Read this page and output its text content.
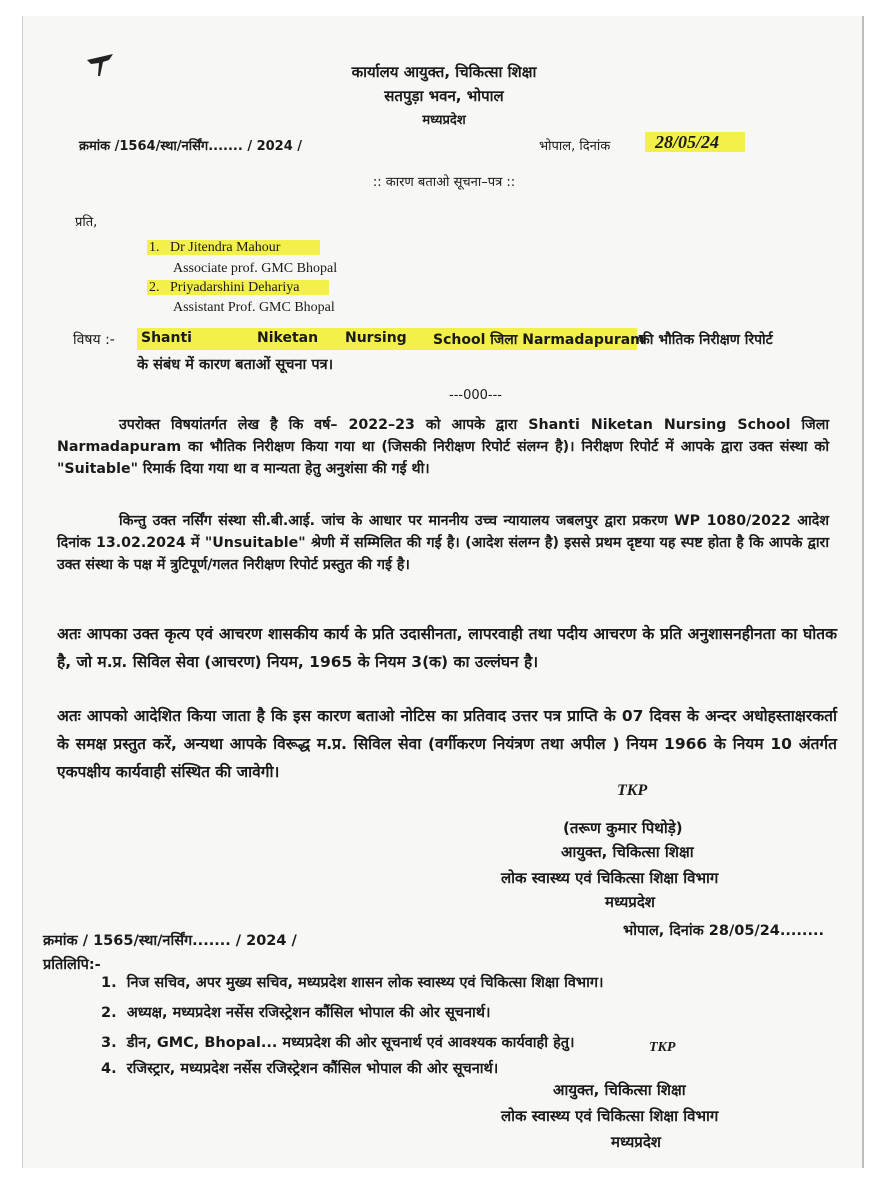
कार्यालय आयुक्त, चिकित्सा शिक्षा
सतपुड़ा भवन, भोपाल
मध्यप्रदेश
क्रमांक /1564/स्था/नर्सिंग....... / 2024 /	भोपाल, दिनांक	28/05/24
:: कारण बताओ सूचना–पत्र ::
प्रति,
1. Dr Jitendra Mahour
Associate prof. GMC Bhopal
2. Priyadarshini Dehariya
Assistant Prof. GMC Bhopal
विषय :- Shanti	Niketan Nursing School जिला Narmadapuram
की भौतिक निरीक्षण रिपोर्ट
के संबंध में कारण बताओं सूचना पत्र।
---000---

उपरोक्त विषयांतर्गत लेख है कि वर्ष– 2022–23 को आपके द्वारा Shanti Niketan Nursing School जिला Narmadapuram का भौतिक निरीक्षण किया गया था (जिसकी निरीक्षण रिपोर्ट संलग्न है)। निरीक्षण रिपोर्ट में आपके द्वारा उक्त संस्था को "Suitable" रिमार्क दिया गया था व मान्यता हेतु अनुशंसा की गई थी।

किन्तु उक्त नर्सिंग संस्था सी.बी.आई. जांच के आधार पर माननीय उच्च न्यायालय जबलपुर द्वारा प्रकरण WP 1080/2022 आदेश दिनांक 13.02.2024 में "Unsuitable" श्रेणी में सम्मिलित की गई है। (आदेश संलग्न है) इससे प्रथम दृष्टया यह स्पष्ट होता है कि आपके द्वारा उक्त संस्था के पक्ष में त्रुटिपूर्ण/गलत निरीक्षण रिपोर्ट प्रस्तुत की गई है।

अतः आपका उक्त कृत्य एवं आचरण शासकीय कार्य के प्रति उदासीनता, लापरवाही तथा पदीय आचरण के प्रति अनुशासनहीनता का घोतक है, जो म.प्र. सिविल सेवा (आचरण) नियम, 1965 के नियम 3(क) का उल्लंघन है।

अतः आपको आदेशित किया जाता है कि इस कारण बताओ नोटिस का प्रतिवाद उत्तर पत्र प्राप्ति के 07 दिवस के अन्दर अधोहस्ताक्षरकर्ता के समक्ष प्रस्तुत करें, अन्यथा आपके विरूद्ध म.प्र. सिविल सेवा (वर्गीकरण नियंत्रण तथा अपील ) नियम 1966 के नियम 10 अंतर्गत एकपक्षीय कार्यवाही संस्थित की जावेगी।

TKP
(तरूण कुमार पिथोड़े)
आयुक्त, चिकित्सा शिक्षा
लोक स्वास्थ्य एवं चिकित्सा शिक्षा विभाग
मध्यप्रदेश
क्रमांक / 1565/स्था/नर्सिंग....... / 2024 /
भोपाल, दिनांक 28/05/24........
प्रतिलिपि:-
1. निज सचिव, अपर मुख्य सचिव, मध्यप्रदेश शासन लोक स्वास्थ्य एवं चिकित्सा शिक्षा विभाग।
2. अध्यक्ष, मध्यप्रदेश नर्सेस रजिस्ट्रेशन कौंसिल भोपाल की ओर सूचनार्थ।
3. डीन, GMC, Bhopal... मध्यप्रदेश की ओर सूचनार्थ एवं आवश्यक कार्यवाही हेतु।
4. रजिस्ट्रार, मध्यप्रदेश नर्सेस रजिस्ट्रेशन कौंसिल भोपाल की ओर सूचनार्थ।
TKP
आयुक्त, चिकित्सा शिक्षा
लोक स्वास्थ्य एवं चिकित्सा शिक्षा विभाग
मध्यप्रदेश
